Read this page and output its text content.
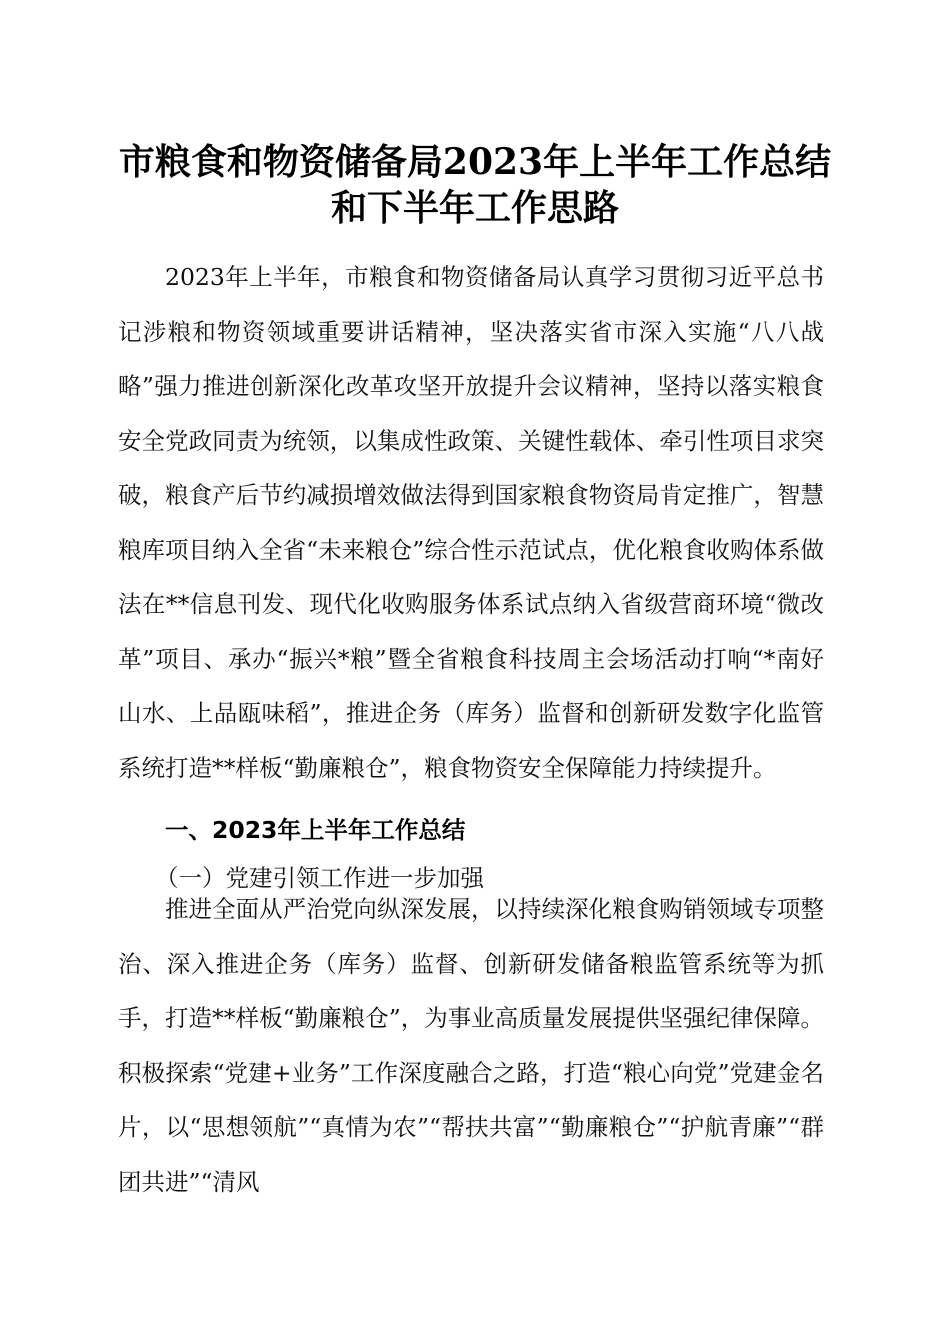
市粮食和物资储备局2023年上半年工作总结
和下半年工作思路
2023年上半年，市粮食和物资储备局认真学习贯彻习近平总书记涉粮和物资领域重要讲话精神，坚决落实省市深入实施“八八战略”强力推进创新深化改革攻坚开放提升会议精神，坚持以落实粮食安全党政同责为统领，以集成性政策、关键性载体、牵引性项目求突破，粮食产后节约减损增效做法得到国家粮食物资局肯定推广，智慧粮库项目纳入全省“未来粮仓”综合性示范试点，优化粮食收购体系做法在**信息刊发、现代化收购服务体系试点纳入省级营商环境“微改革”项目、承办“振兴*粮”暨全省粮食科技周主会场活动打响“*南好山水、上品瓯味稻”，推进企务（库务）监督和创新研发数字化监管系统打造**样板“勤廉粮仓”，粮食物资安全保障能力持续提升。
一、2023年上半年工作总结
（一）党建引领工作进一步加强
推进全面从严治党向纵深发展，以持续深化粮食购销领域专项整治、深入推进企务（库务）监督、创新研发储备粮监管系统等为抓手，打造**样板“勤廉粮仓”，为事业高质量发展提供坚强纪律保障。积极探索“党建+业务”工作深度融合之路，打造“粮心向党”党建金名片，以“思想领航”“真情为农”“帮扶共富”“勤廉粮仓”“护航青廉”“群团共进”“清风
